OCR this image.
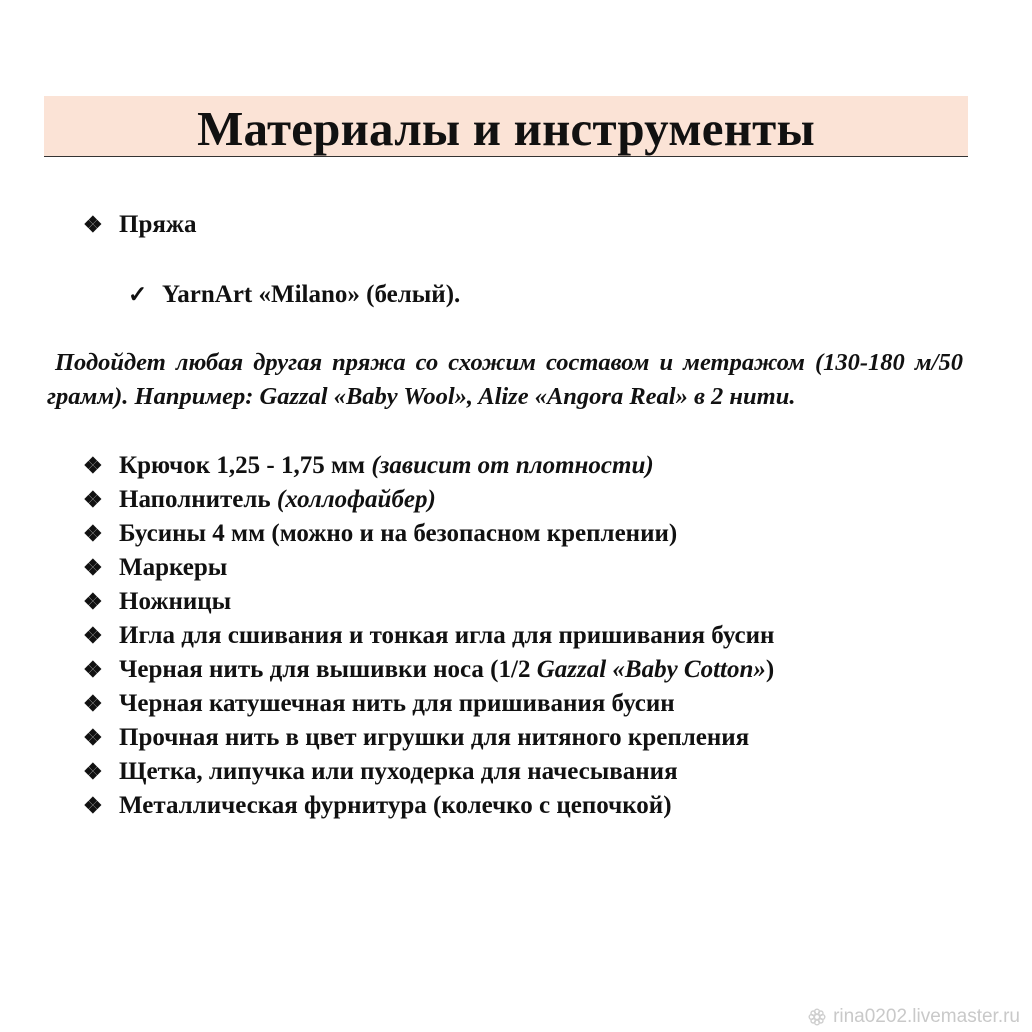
Материалы и инструменты
❖ Пряжа
✓ YarnArt «Milano» (белый).
Подойдет любая другая пряжа со схожим составом и метражом (130-180 м/50 грамм). Например: Gazzal «Baby Wool», Alize «Angora Real» в 2 нити.
❖ Крючок 1,25 - 1,75 мм (зависит от плотности)
❖ Наполнитель (холлофайбер)
❖ Бусины 4 мм (можно и на безопасном креплении)
❖ Маркеры
❖ Ножницы
❖ Игла для сшивания и тонкая игла для пришивания бусин
❖ Черная нить для вышивки носа (1/2 Gazzal «Baby Cotton»)
❖ Черная катушечная нить для пришивания бусин
❖ Прочная нить в цвет игрушки для нитяного крепления
❖ Щетка, липучка или пуходерка для начесывания
❖ Металлическая фурнитура (колечко с цепочкой)
rina0202.livemaster.ru
